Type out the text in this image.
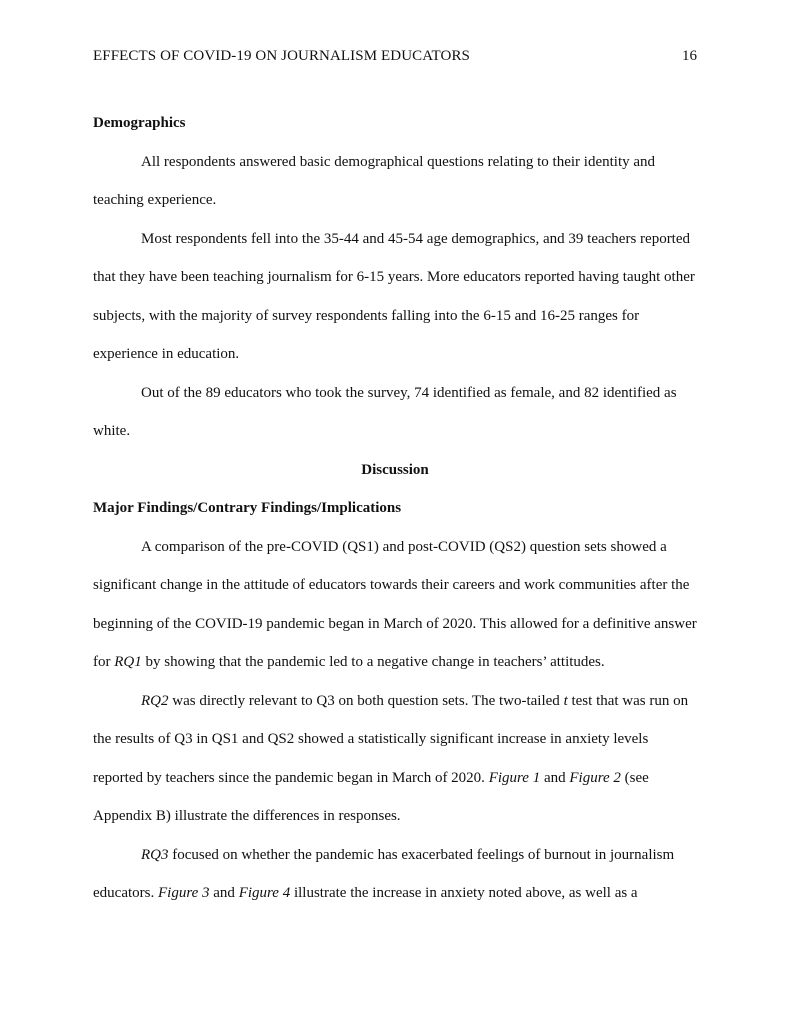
EFFECTS OF COVID-19 ON JOURNALISM EDUCATORS	16

Demographics

All respondents answered basic demographical questions relating to their identity and teaching experience.

Most respondents fell into the 35-44 and 45-54 age demographics, and 39 teachers reported that they have been teaching journalism for 6-15 years. More educators reported having taught other subjects, with the majority of survey respondents falling into the 6-15 and 16-25 ranges for experience in education.

Out of the 89 educators who took the survey, 74 identified as female, and 82 identified as white.

Discussion

Major Findings/Contrary Findings/Implications

A comparison of the pre-COVID (QS1) and post-COVID (QS2) question sets showed a significant change in the attitude of educators towards their careers and work communities after the beginning of the COVID-19 pandemic began in March of 2020. This allowed for a definitive answer for RQ1 by showing that the pandemic led to a negative change in teachers’ attitudes.

RQ2 was directly relevant to Q3 on both question sets. The two-tailed t test that was run on the results of Q3 in QS1 and QS2 showed a statistically significant increase in anxiety levels reported by teachers since the pandemic began in March of 2020. Figure 1 and Figure 2 (see Appendix B) illustrate the differences in responses.

RQ3 focused on whether the pandemic has exacerbated feelings of burnout in journalism educators. Figure 3 and Figure 4 illustrate the increase in anxiety noted above, as well as a
